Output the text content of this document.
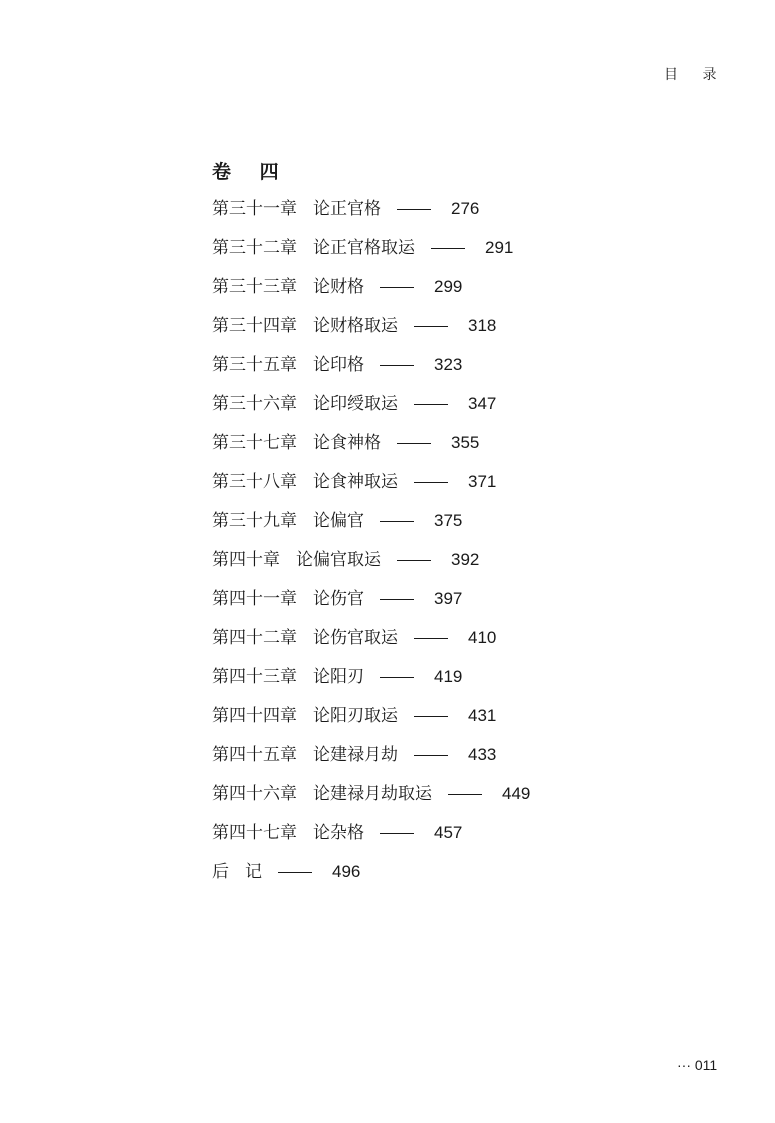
目 录
卷 四
第三十一章 论正官格	276
第三十二章 论正官格取运	291
第三十三章 论财格	299
第三十四章 论财格取运	318
第三十五章 论印格	323
第三十六章 论印绶取运	347
第三十七章 论食神格	355
第三十八章 论食神取运	371
第三十九章 论偏官	375
第四十章 论偏官取运	392
第四十一章 论伤官	397
第四十二章 论伤官取运	410
第四十三章 论阳刃	419
第四十四章 论阳刃取运	431
第四十五章 论建禄月劫	433
第四十六章 论建禄月劫取运	449
第四十七章 论杂格	457
后记	496
··· 011
